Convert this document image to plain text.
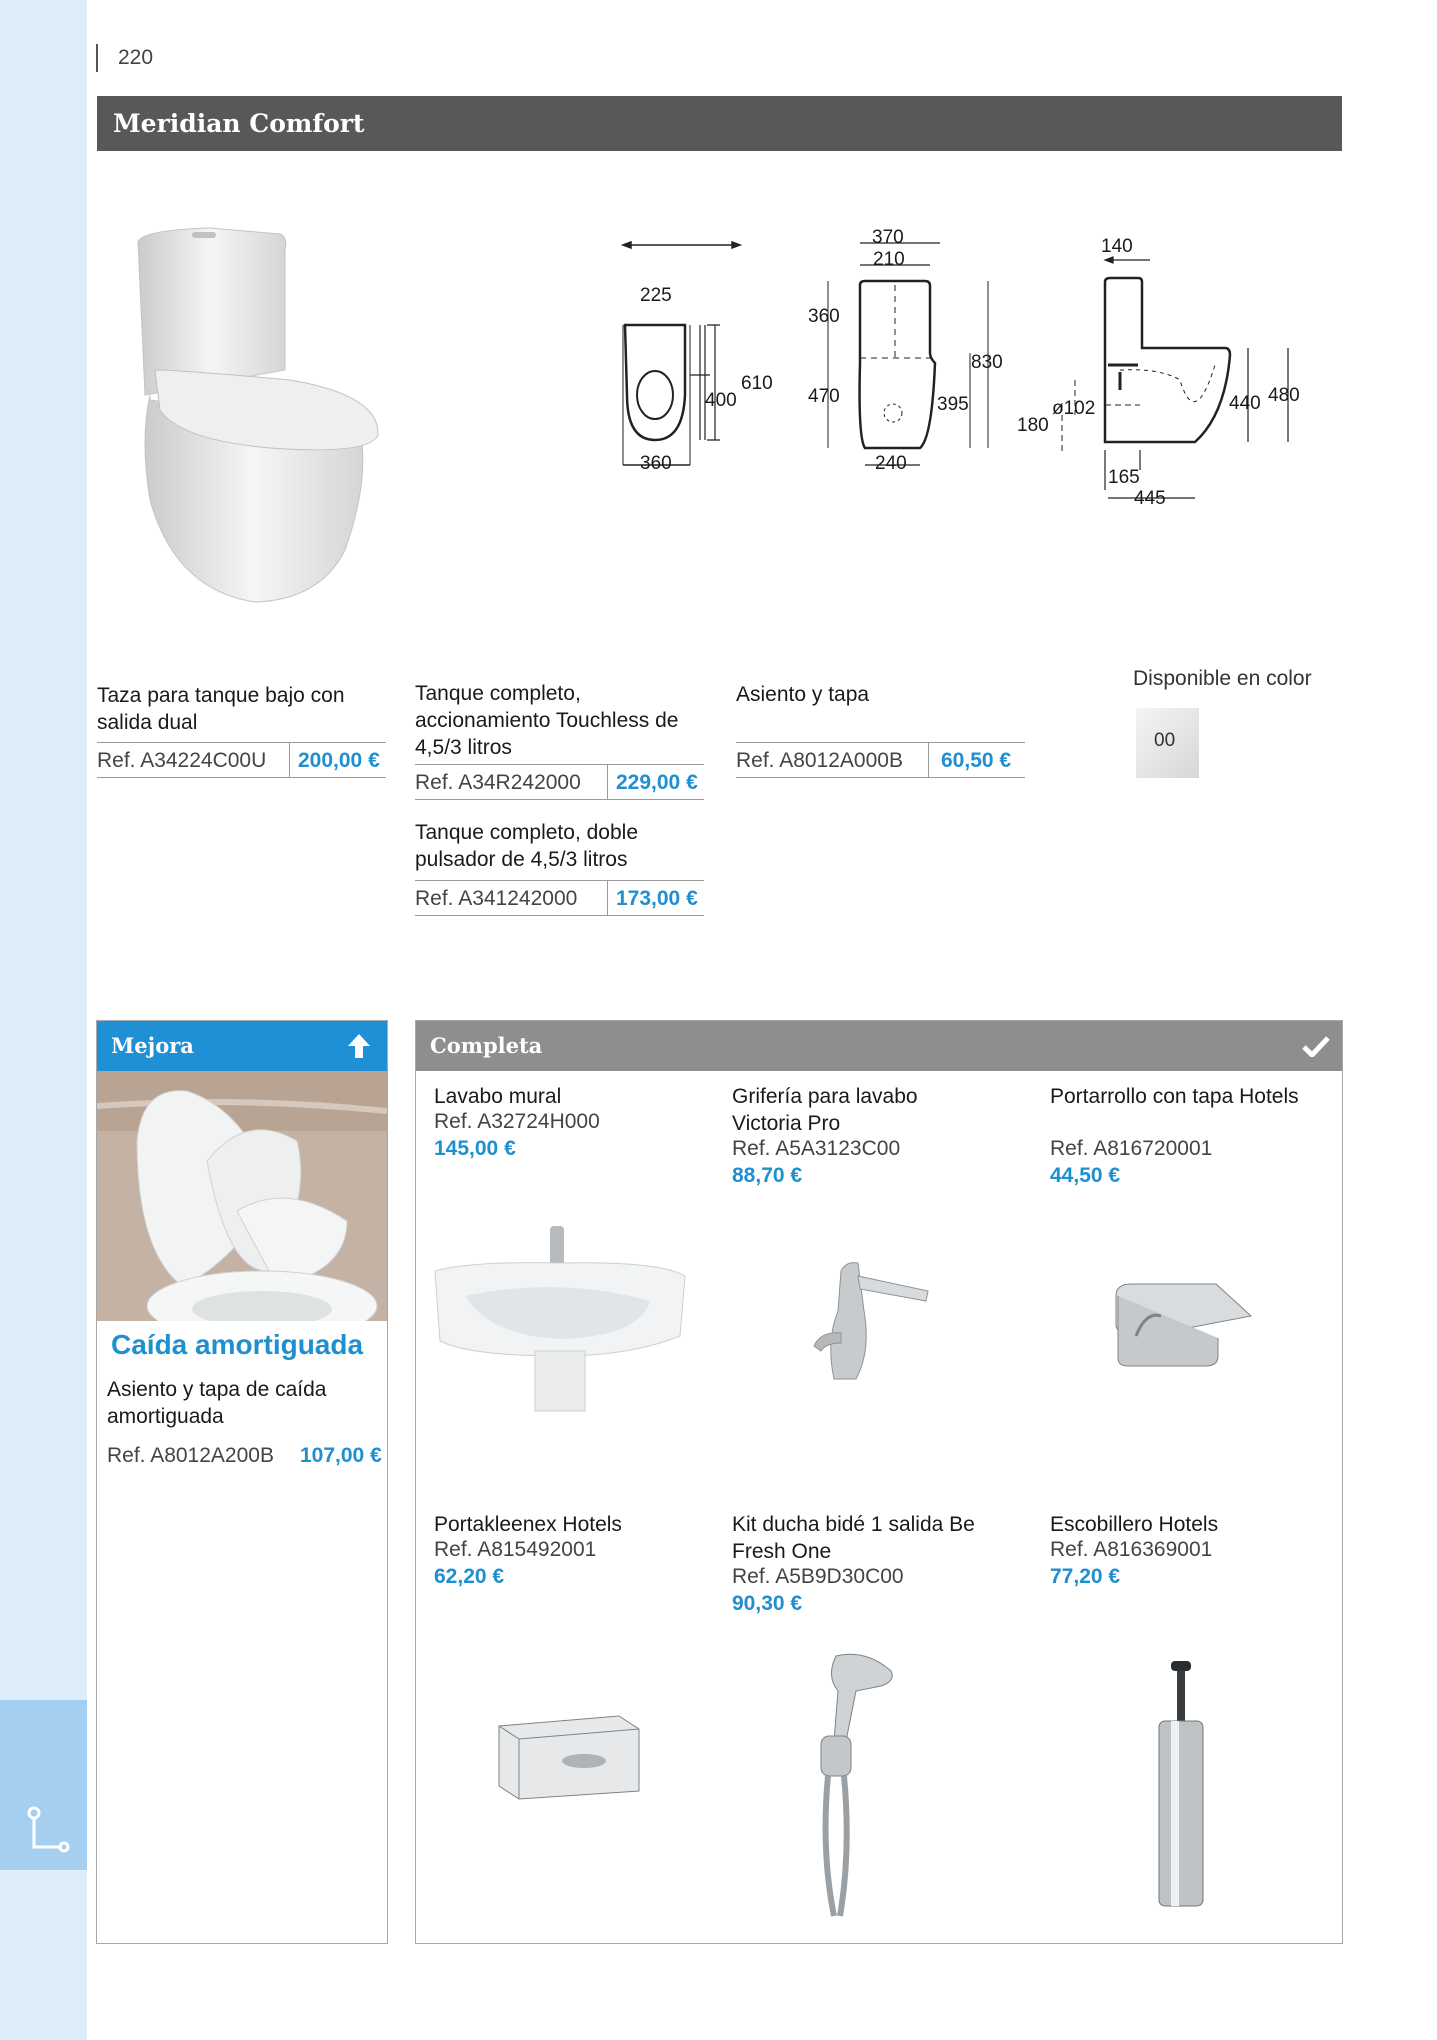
220
Meridian Comfort
225
400
610
360
370
210
360
470
830
395
240
140
ø102
180
440 480
165
445
Taza para tanque bajo con salida dual
Ref. A34224C00U 200,00 €
Tanque completo, accionamiento Touchless de 4,5/3 litros
Ref. A34R242000 229,00 €
Tanque completo, doble pulsador de 4,5/3 litros
Ref. A341242000 173,00 €
Asiento y tapa
Ref. A8012A000B 60,50 €
Disponible en color
00
Mejora
Caída amortiguada
Asiento y tapa de caída amortiguada
Ref. A8012A200B 107,00 €
Completa
Lavabo mural
Ref. A32724H000
145,00 €
Grifería para lavabo Victoria Pro
Ref. A5A3123C00
88,70 €
Portarrollo con tapa Hotels
Ref. A816720001
44,50 €
Portakleenex Hotels
Ref. A815492001
62,20 €
Kit ducha bidé 1 salida Be Fresh One
Ref. A5B9D30C00
90,30 €
Escobillero Hotels
Ref. A816369001
77,20 €
